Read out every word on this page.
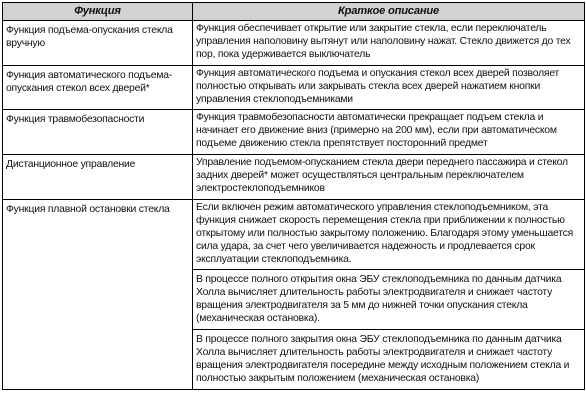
Функция	Краткое описание
Функция подъема-опускания стекла вручную	Функция обеспечивает открытие или закрытие стекла, если переключатель управления наполовину вытянут или наполовину нажат. Стекло движется до тех пор, пока удерживается выключатель

Функция автоматического подъема-опускания стекол всех дверей*	Функция автоматического подъема и опускания стекол всех дверей позволяет полностью открывать или закрывать стекла всех дверей нажатием кнопки управления стеклоподъемниками

Функция травмобезопасности	Функция травмобезопасности автоматически прекращает подъем стекла и начинает его движение вниз (примерно на 200 мм), если при автоматическом подъеме движению стекла препятствует посторонний предмет

Дистанционное управление	Управление подъемом-опусканием стекла двери переднего пассажира и стекол задних дверей* может осуществляться центральным переключателем электростеклоподъемников

Функция плавной остановки стекла	Если включен режим автоматического управления стеклоподъемником, эта функция снижает скорость перемещения стекла при приближении к полностью открытому или полностью закрытому положению. Благодаря этому уменьшается сила удара, за счет чего увеличивается надежность и продлевается срок эксплуатации стеклоподъемника.
В процессе полного открытия окна ЭБУ стеклоподъемника по данным датчика Холла вычисляет длительность работы электродвигателя и снижает частоту вращения электродвигателя за 5 мм до нижней точки опускания стекла (механическая остановка).
В процессе полного закрытия окна ЭБУ стеклоподъемника по данным датчика Холла вычисляет длительность работы электродвигателя и снижает частоту вращения электродвигателя посередине между исходным положением стекла и полностью закрытым положением (механическая остановка)
